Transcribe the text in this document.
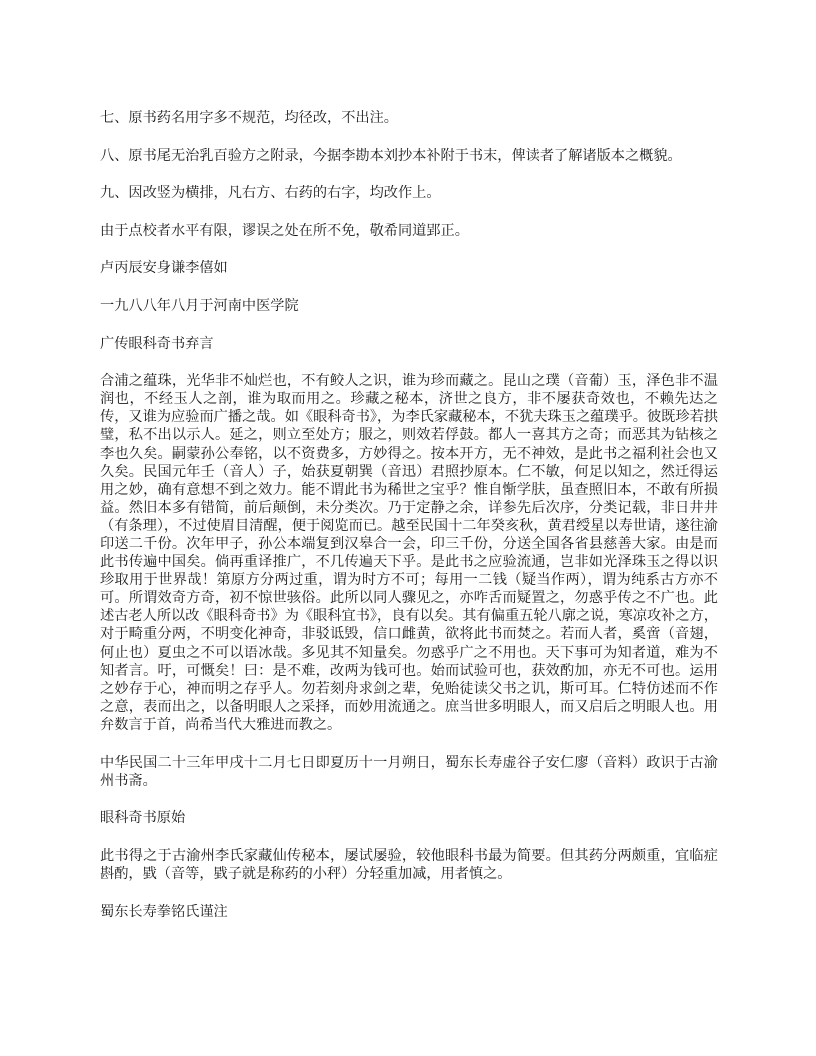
七、原书药名用字多不规范，均径改，不出注。

八、原书尾无治乳百验方之附录，今据李勘本刘抄本补附于书末，俾读者了解诸版本之概貌。

九、因改竖为横排，凡右方、右药的右字，均改作上。

由于点校者水平有限，谬误之处在所不免，敬希同道郢正。

卢丙辰安身谦李僖如

一九八八年八月于河南中医学院

广传眼科奇书弃言

合浦之蕴珠，光华非不灿烂也，不有鲛人之识，谁为珍而藏之。昆山之璞（音葡）玉，泽色非不温润也，不经玉人之剖，谁为取而用之。珍藏之秘本，济世之良方，非不屡获奇效也，不赖先达之传，又谁为应验而广播之哉。如《眼科奇书》，为李氏家藏秘本，不犹夫珠玉之蕴璞乎。彼既珍若拱璧，私不出以示人。延之，则立至处方；服之，则效若俘鼓。都人一喜其方之奇；而恶其为钻核之李也久矣。嗣蒙孙公奉铭，以不资费多，方妙得之。按本开方，无不神效，是此书之福利社会也又久矣。民国元年壬（音人）子，始获夏朝巽（音迅）君照抄原本。仁不敏，何足以知之，然迁得运用之妙，确有意想不到之效力。能不谓此书为稀世之宝乎？惟自惭学肤，虽查照旧本，不敢有所损益。然旧本多有错简，前后颠倒，未分类次。乃于定静之余，详参先后次序，分类记载，非日井井（有条理），不过使眉目清醒，便于阅览而已。越至民国十二年癸亥秋，黄君绶星以寿世请，遂往渝印送二千份。次年甲子，孙公本端复到汉皋合一会，印三千份，分送全国各省县慈善大家。由是而此书传遍中国矣。倘再重译推广，不几传遍天下乎。是此书之应验流通，岂非如光泽珠玉之得以识珍取用于世界哉！第原方分两过重，谓为时方不可；每用一二钱（疑当作两），谓为纯系古方亦不可。所谓效奇方奇，初不惊世骇俗。此所以同人骤见之，亦咋舌而疑置之，勿惑乎传之不广也。此述古老人所以改《眼科奇书》为《眼科宜书》，良有以矣。其有偏重五轮八廓之说，寒凉攻补之方，对于畸重分两，不明变化神奇，非驳诋毁，信口雌黄，欲将此书而焚之。若而人者，奚啻（音翅，何止也）夏虫之不可以语冰哉。多见其不知量矣。勿惑乎广之不用也。天下事可为知者道，难为不知者言。吁，可慨矣！曰：是不难，改两为钱可也。始而试验可也，获效酌加，亦无不可也。运用之妙存于心，神而明之存乎人。勿若刻舟求剑之辈，免贻徒读父书之讥，斯可耳。仁特仿述而不作之意，表而出之，以备明眼人之采择，而妙用流通之。庶当世多明眼人，而又启后之明眼人也。用弁数言于首，尚希当代大雅进而教之。

中华民国二十三年甲戌十二月七日即夏历十一月朔日，蜀东长寿虚谷子安仁廖（音料）政识于古渝州书斋。

眼科奇书原始

此书得之于古渝州李氏家藏仙传秘本，屡试屡验，较他眼科书最为简要。但其药分两颇重，宜临症斟酌，戥（音等，戥子就是称药的小秤）分轻重加减，用者慎之。

蜀东长寿拳铭氏谨注
